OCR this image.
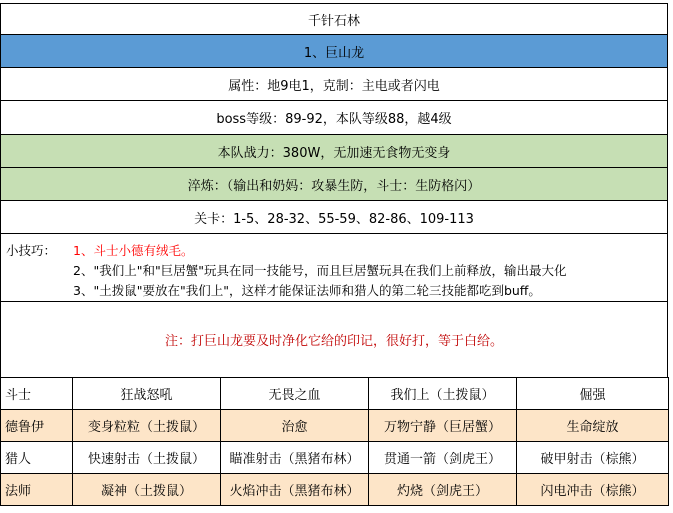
千针石林
1、巨山龙
属性：地9电1，克制：主电或者闪电
boss等级：89-92，本队等级88，越4级
本队战力：380W，无加速无食物无变身
淬炼：（输出和奶妈：攻暴生防，斗士：生防格闪）
关卡：1-5、28-32、55-59、82-86、109-113
小技巧： 1、斗士小德有绒毛。
2、"我们上"和"巨居蟹"玩具在同一技能号，而且巨居蟹玩具在我们上前释放，输出最大化
3、"土拨鼠"要放在"我们上"，这样才能保证法师和猎人的第二轮三技能都吃到buff。
注：打巨山龙要及时净化它给的印记，很好打，等于白给。
斗士	狂战怒吼	无畏之血	我们上（土拨鼠）	倔强
德鲁伊	变身粒粒（土拨鼠）	治愈	万物宁静（巨居蟹）	生命绽放
猎人	快速射击（土拨鼠）	瞄准射击（黑猪布林）	贯通一箭（剑虎王）	破甲射击（棕熊）
法师	凝神（土拨鼠）	火焰冲击（黑猪布林）	灼烧（剑虎王）	闪电冲击（棕熊）
